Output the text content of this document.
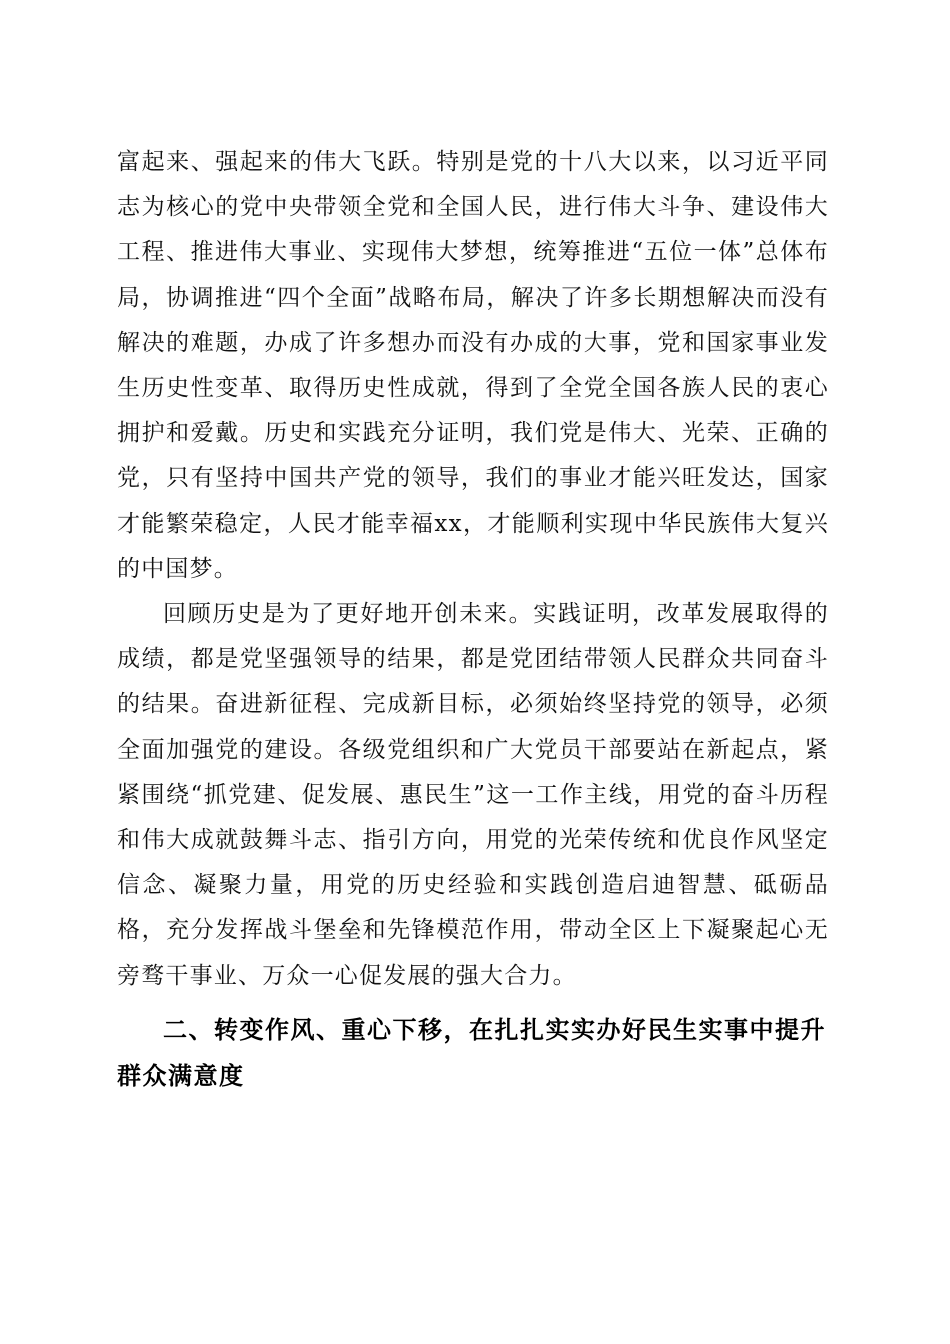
富起来、强起来的伟大飞跃。特别是党的十八大以来，以习近平同志为核心的党中央带领全党和全国人民，进行伟大斗争、建设伟大工程、推进伟大事业、实现伟大梦想，统筹推进“五位一体”总体布局，协调推进“四个全面”战略布局，解决了许多长期想解决而没有解决的难题，办成了许多想办而没有办成的大事，党和国家事业发生历史性变革、取得历史性成就，得到了全党全国各族人民的衷心拥护和爱戴。历史和实践充分证明，我们党是伟大、光荣、正确的党，只有坚持中国共产党的领导，我们的事业才能兴旺发达，国家才能繁荣稳定，人民才能幸福xx，才能顺利实现中华民族伟大复兴的中国梦。

回顾历史是为了更好地开创未来。实践证明，改革发展取得的成绩，都是党坚强领导的结果，都是党团结带领人民群众共同奋斗的结果。奋进新征程、完成新目标，必须始终坚持党的领导，必须全面加强党的建设。各级党组织和广大党员干部要站在新起点，紧紧围绕“抓党建、促发展、惠民生”这一工作主线，用党的奋斗历程和伟大成就鼓舞斗志、指引方向，用党的光荣传统和优良作风坚定信念、凝聚力量，用党的历史经验和实践创造启迪智慧、砥砺品格，充分发挥战斗堡垒和先锋模范作用，带动全区上下凝聚起心无旁骛干事业、万众一心促发展的强大合力。

二、转变作风、重心下移，在扎扎实实办好民生实事中提升群众满意度
